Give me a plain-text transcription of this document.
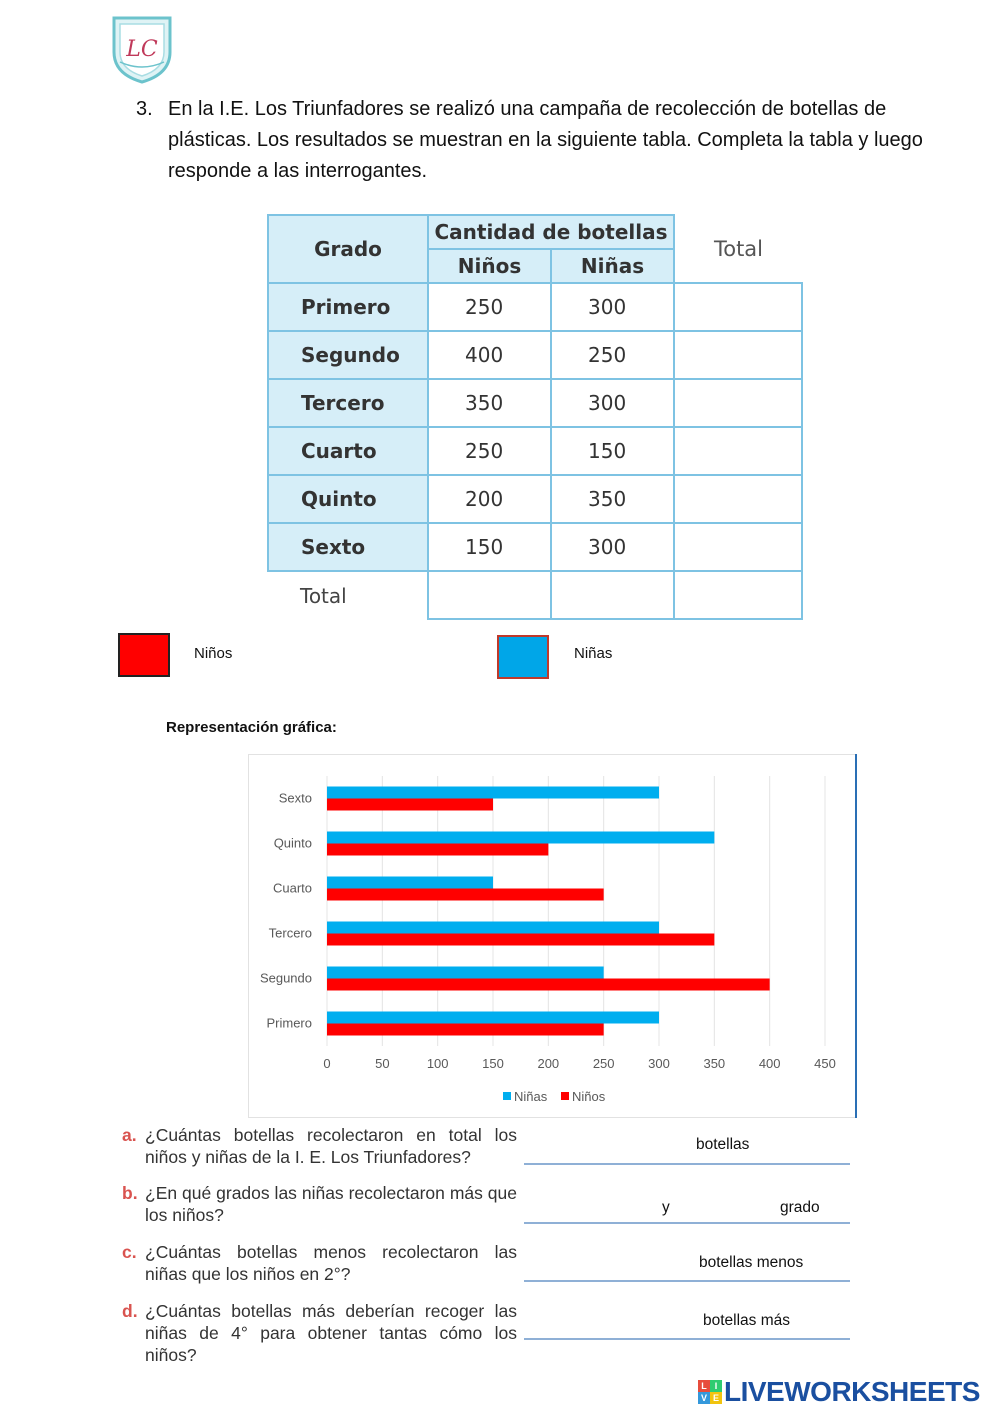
LC
3. En la I.E. Los Triunfadores se realizó una campaña de recolección de botellas de plásticas. Los resultados se muestran en la siguiente tabla. Completa la tabla y luego responde a las interrogantes.
Grado	Cantidad de botellas		Total
	Niños	Niñas	
Primero	250	300	
Segundo	400	250	
Tercero	350	300	
Cuarto	250	150	
Quinto	200	350	
Sexto	150	300	
Total			
Niños	Niñas
Representación gráfica:
Primero
Segundo
Tercero
Cuarto
Quinto
Sexto
0	50	100	150	200	250	300	350	400	450
Niñas Niños
a. ¿Cuántas botellas recolectaron en total los niños y niñas de la I. E. Los Triunfadores?
botellas
b. ¿En qué grados las niñas recolectaron más que los niños?	y	grado
c. ¿Cuántas botellas menos recolectaron las niñas que los niños en 2°?
botellas menos
d. ¿Cuántas botellas más deberían recoger las niñas de 4° para obtener tantas cómo los niños?
botellas más
L I
V E LIVEWORKSHEETS
